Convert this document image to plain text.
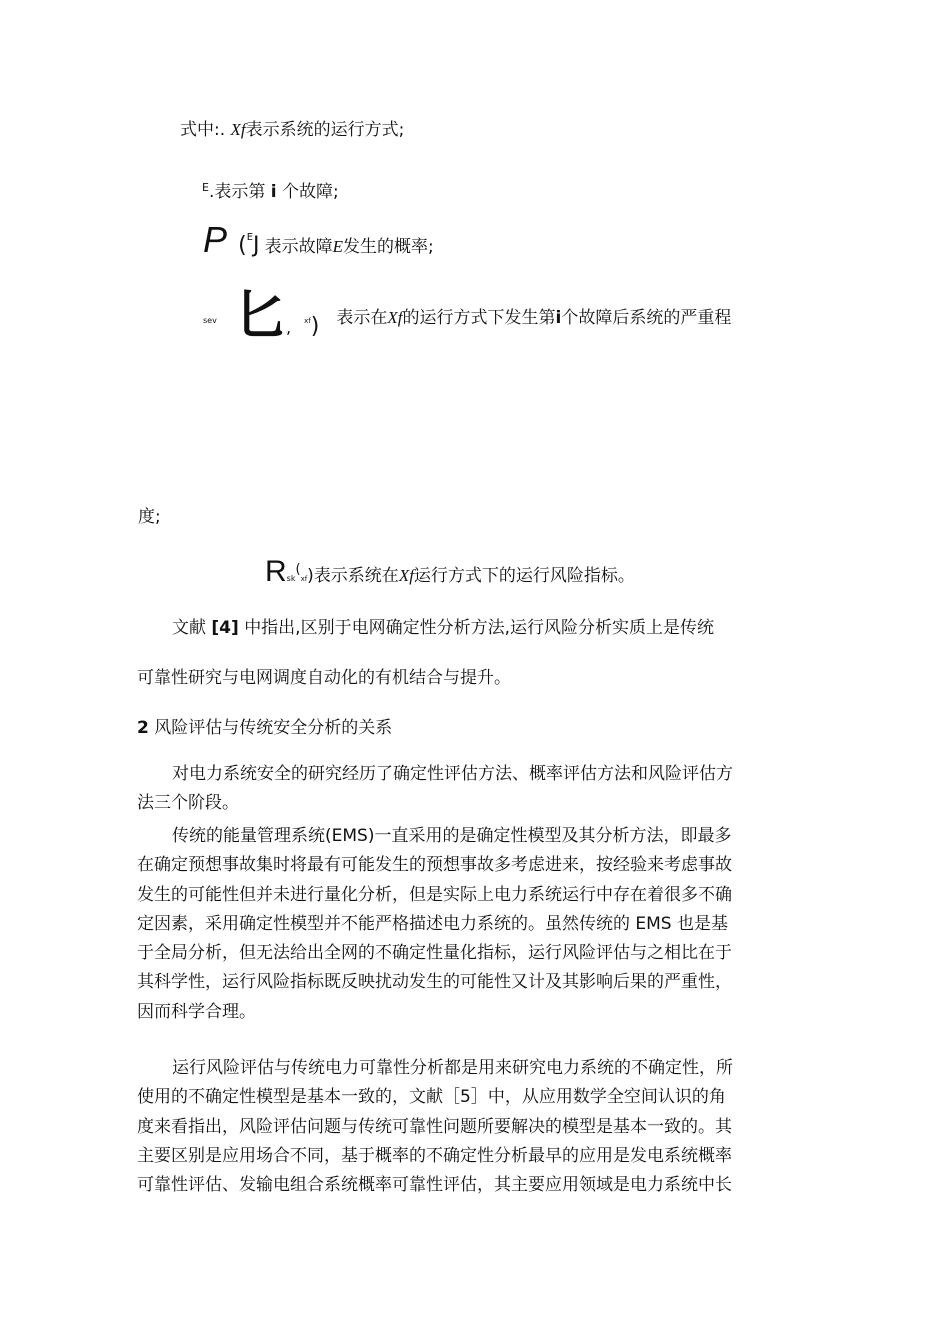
式中:. Xf表示系统的运行方式;
$^E$.表示第 i 个故障;
P ($^E$J 表示故障E发生的概率;
$^{sev}$ 匕, $^{xf}$) 表示在Xf的运行方式下发生第i个故障后系统的严重程
度;
Rsk(xf)表示系统在Xf运行方式下的运行风险指标。
文献 [4] 中指出,区别于电网确定性分析方法,运行风险分析实质上是传统
可靠性研究与电网调度自动化的有机结合与提升。
2 风险评估与传统安全分析的关系
对电力系统安全的研究经历了确定性评估方法、概率评估方法和风险评估方
法三个阶段。
传统的能量管理系统(EMS)一直采用的是确定性模型及其分析方法，即最多
在确定预想事故集时将最有可能发生的预想事故多考虑进来，按经验来考虑事故
发生的可能性但并未进行量化分析，但是实际上电力系统运行中存在着很多不确
定因素，采用确定性模型并不能严格描述电力系统的。虽然传统的 EMS 也是基
于全局分析，但无法给出全网的不确定性量化指标，运行风险评估与之相比在于
其科学性，运行风险指标既反映扰动发生的可能性又计及其影响后果的严重性，
因而科学合理。
运行风险评估与传统电力可靠性分析都是用来研究电力系统的不确定性，所
使用的不确定性模型是基本一致的，文献［5］中，从应用数学全空间认识的角
度来看指出，风险评估问题与传统可靠性问题所要解决的模型是基本一致的。其
主要区别是应用场合不同，基于概率的不确定性分析最早的应用是发电系统概率
可靠性评估、发输电组合系统概率可靠性评估，其主要应用领域是电力系统中长
